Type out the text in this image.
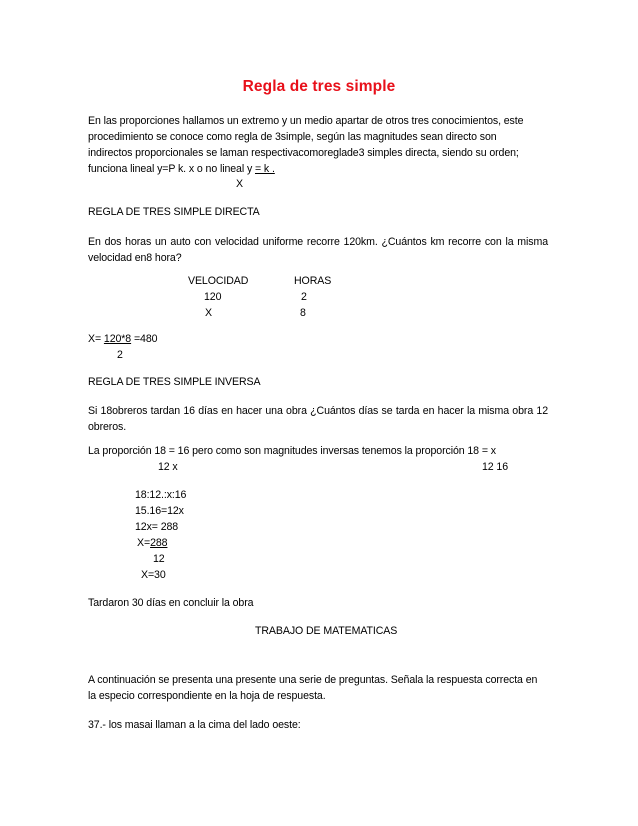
Regla de tres simple
En las proporciones hallamos un extremo y un medio apartar de otros tres conocimientos, este
procedimiento se conoce como regla de 3simple, según las magnitudes sean directo son
indirectos proporcionales se laman respectivacomoreglade3 simples directa, siendo su orden;
funciona lineal y=P k. x o no lineal y = k .
X
REGLA DE TRES SIMPLE DIRECTA
En dos horas un auto con velocidad uniforme recorre 120km. ¿Cuántos km recorre con la misma
velocidad en8 hora?
VELOCIDAD	HORAS
120	2
X	8
X= 120*8 =480
2
REGLA DE TRES SIMPLE INVERSA
Si 18obreros tardan 16 días en hacer una obra ¿Cuántos días se tarda en hacer la misma obra 12
obreros.
La proporción 18 = 16 pero como son magnitudes inversas tenemos la proporción 18 = x
12 x	12 16
18:12.:x:16
15.16=12x
12x= 288
X=288
12
X=30
Tardaron 30 días en concluir la obra
TRABAJO DE MATEMATICAS
A continuación se presenta una presente una serie de preguntas. Señala la respuesta correcta en
la especio correspondiente en la hoja de respuesta.
37.- los masai llaman a la cima del lado oeste:
